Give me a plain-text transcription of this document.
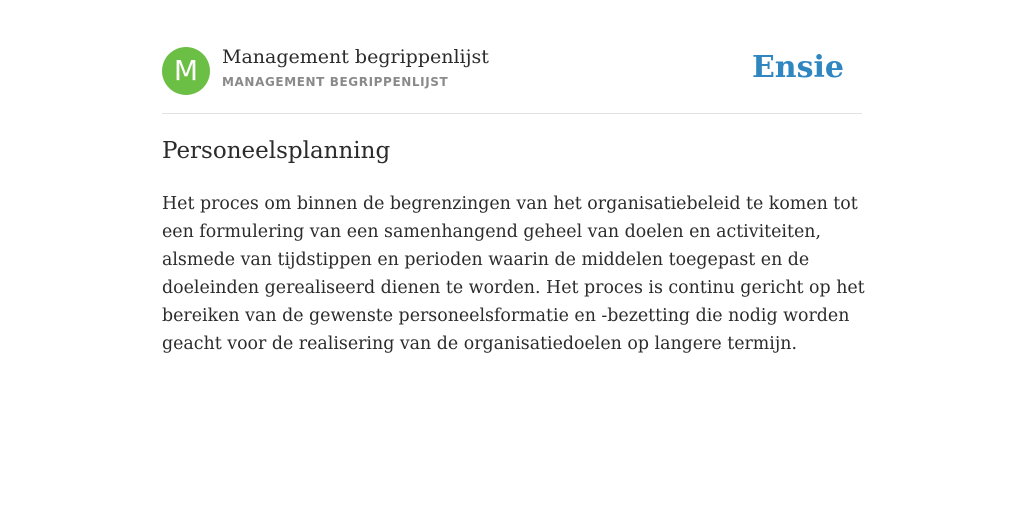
M	Management begrippenlijst
MANAGEMENT BEGRIPPENLIJST	Ensie
Personeelsplanning

Het proces om binnen de begrenzingen van het organisatiebeleid te komen tot
een formulering van een samenhangend geheel van doelen en activiteiten,
alsmede van tijdstippen en perioden waarin de middelen toegepast en de
doeleinden gerealiseerd dienen te worden. Het proces is continu gericht op het
bereiken van de gewenste personeelsformatie en -bezetting die nodig worden
geacht voor de realisering van de organisatiedoelen op langere termijn.
